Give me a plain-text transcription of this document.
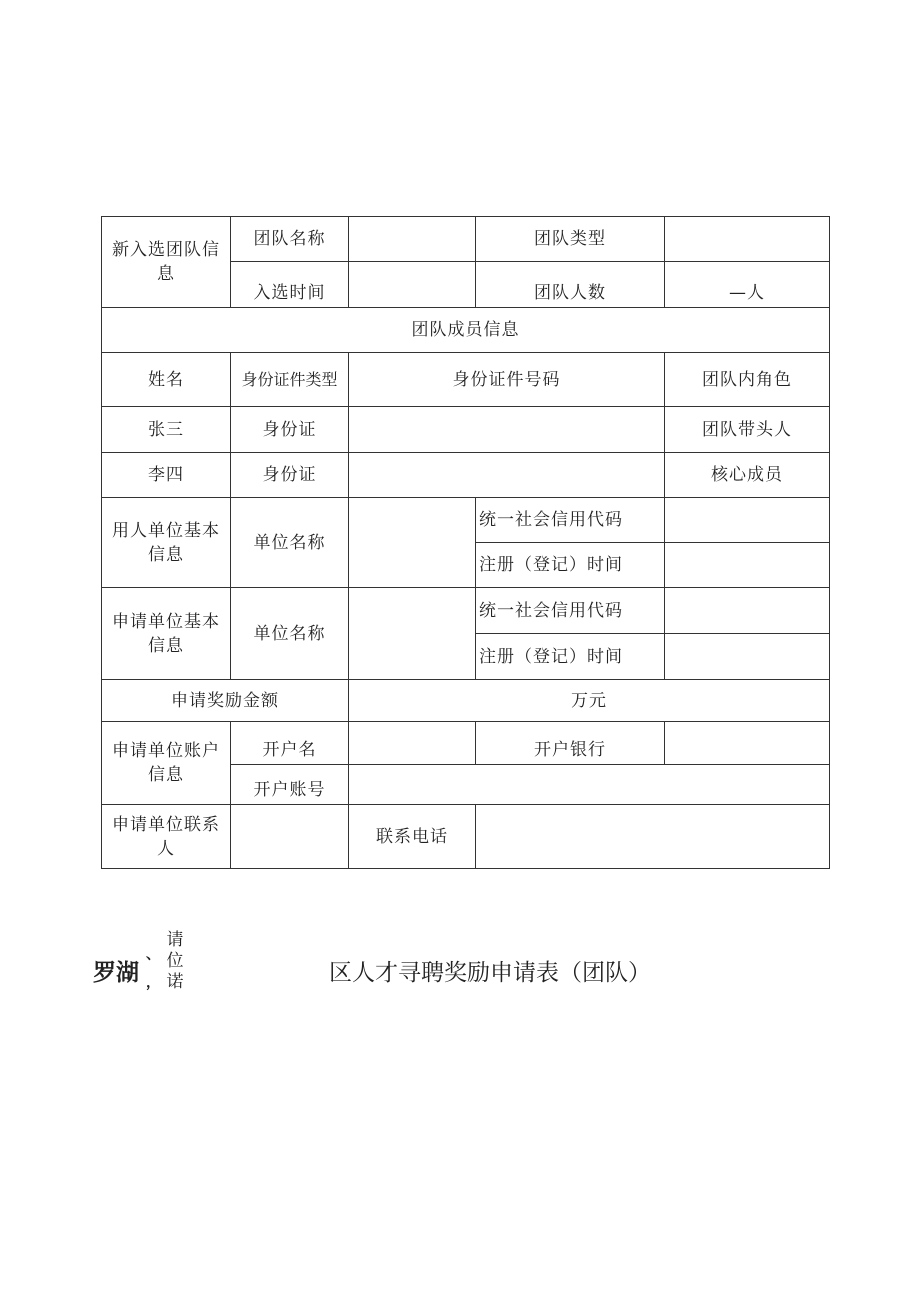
新入选团队信息	团队名称		团队类型	
	入选时间		团队人数	—人
团队成员信息				
姓名	身份证件类型	身份证件号码		团队内角色
张三	身份证			团队带头人
李四	身份证			核心成员
用人单位基本信息	单位名称		统一社会信用代码	
			注册（登记）时间	
申请单位基本信息	单位名称		统一社会信用代码	
			注册（登记）时间	
申请奖励金额		万元		
申请单位账户信息	开户名		开户银行	
	开户账号			
申请单位联系人		联系电话		
罗湖
、
，
请
位
诺	区人才寻聘奖励申请表（团队）
